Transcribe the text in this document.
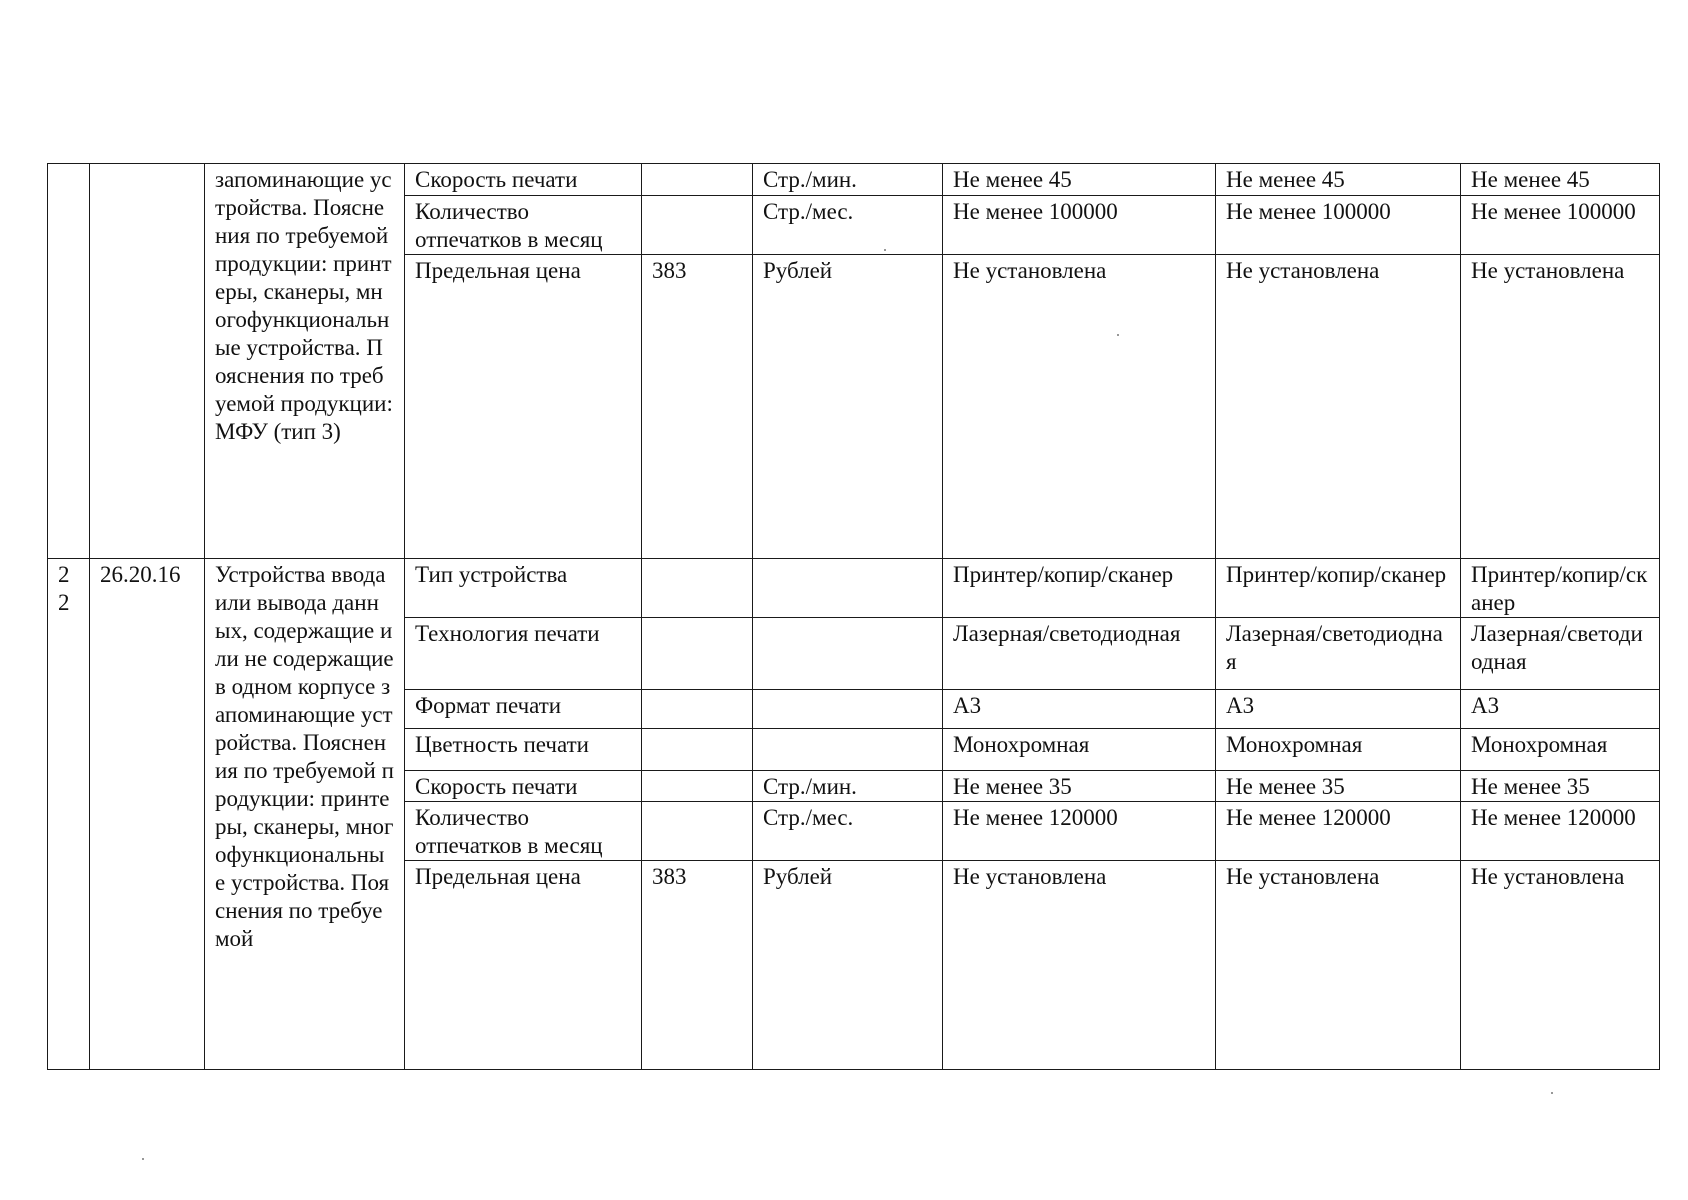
		запоминающие устройства. Пояснения по требуемой продукции: принтеры, сканеры, многофункциональные устройства. Пояснения по требуемой продукции: МФУ (тип 3)	Скорость печати		Стр./мин.	Не менее 45	Не менее 45	Не менее 45
			Количество отпечатков в месяц		Стр./мес.	Не менее 100000	Не менее 100000	Не менее 100000
			Предельная цена	383	Рублей	Не установлена	Не установлена	Не установлена
22	26.20.16	Устройства ввода или вывода данных, содержащие или не содержащие в одном корпусе запоминающие устройства. Пояснения по требуемой продукции: принтеры, сканеры, многофункциональные устройства. Пояснения по требуемой	Тип устройства			Принтер/копир/сканер	Принтер/копир/сканер	Принтер/копир/сканер
			Технология печати			Лазерная/светодиодная	Лазерная/светодиодная	Лазерная/светодиодная
			Формат печати			А3	А3	А3
			Цветность печати			Монохромная	Монохромная	Монохромная
			Скорость печати		Стр./мин.	Не менее 35	Не менее 35	Не менее 35
			Количество отпечатков в месяц		Стр./мес.	Не менее 120000	Не менее 120000	Не менее 120000
			Предельная цена	383	Рублей	Не установлена	Не установлена	Не установлена
